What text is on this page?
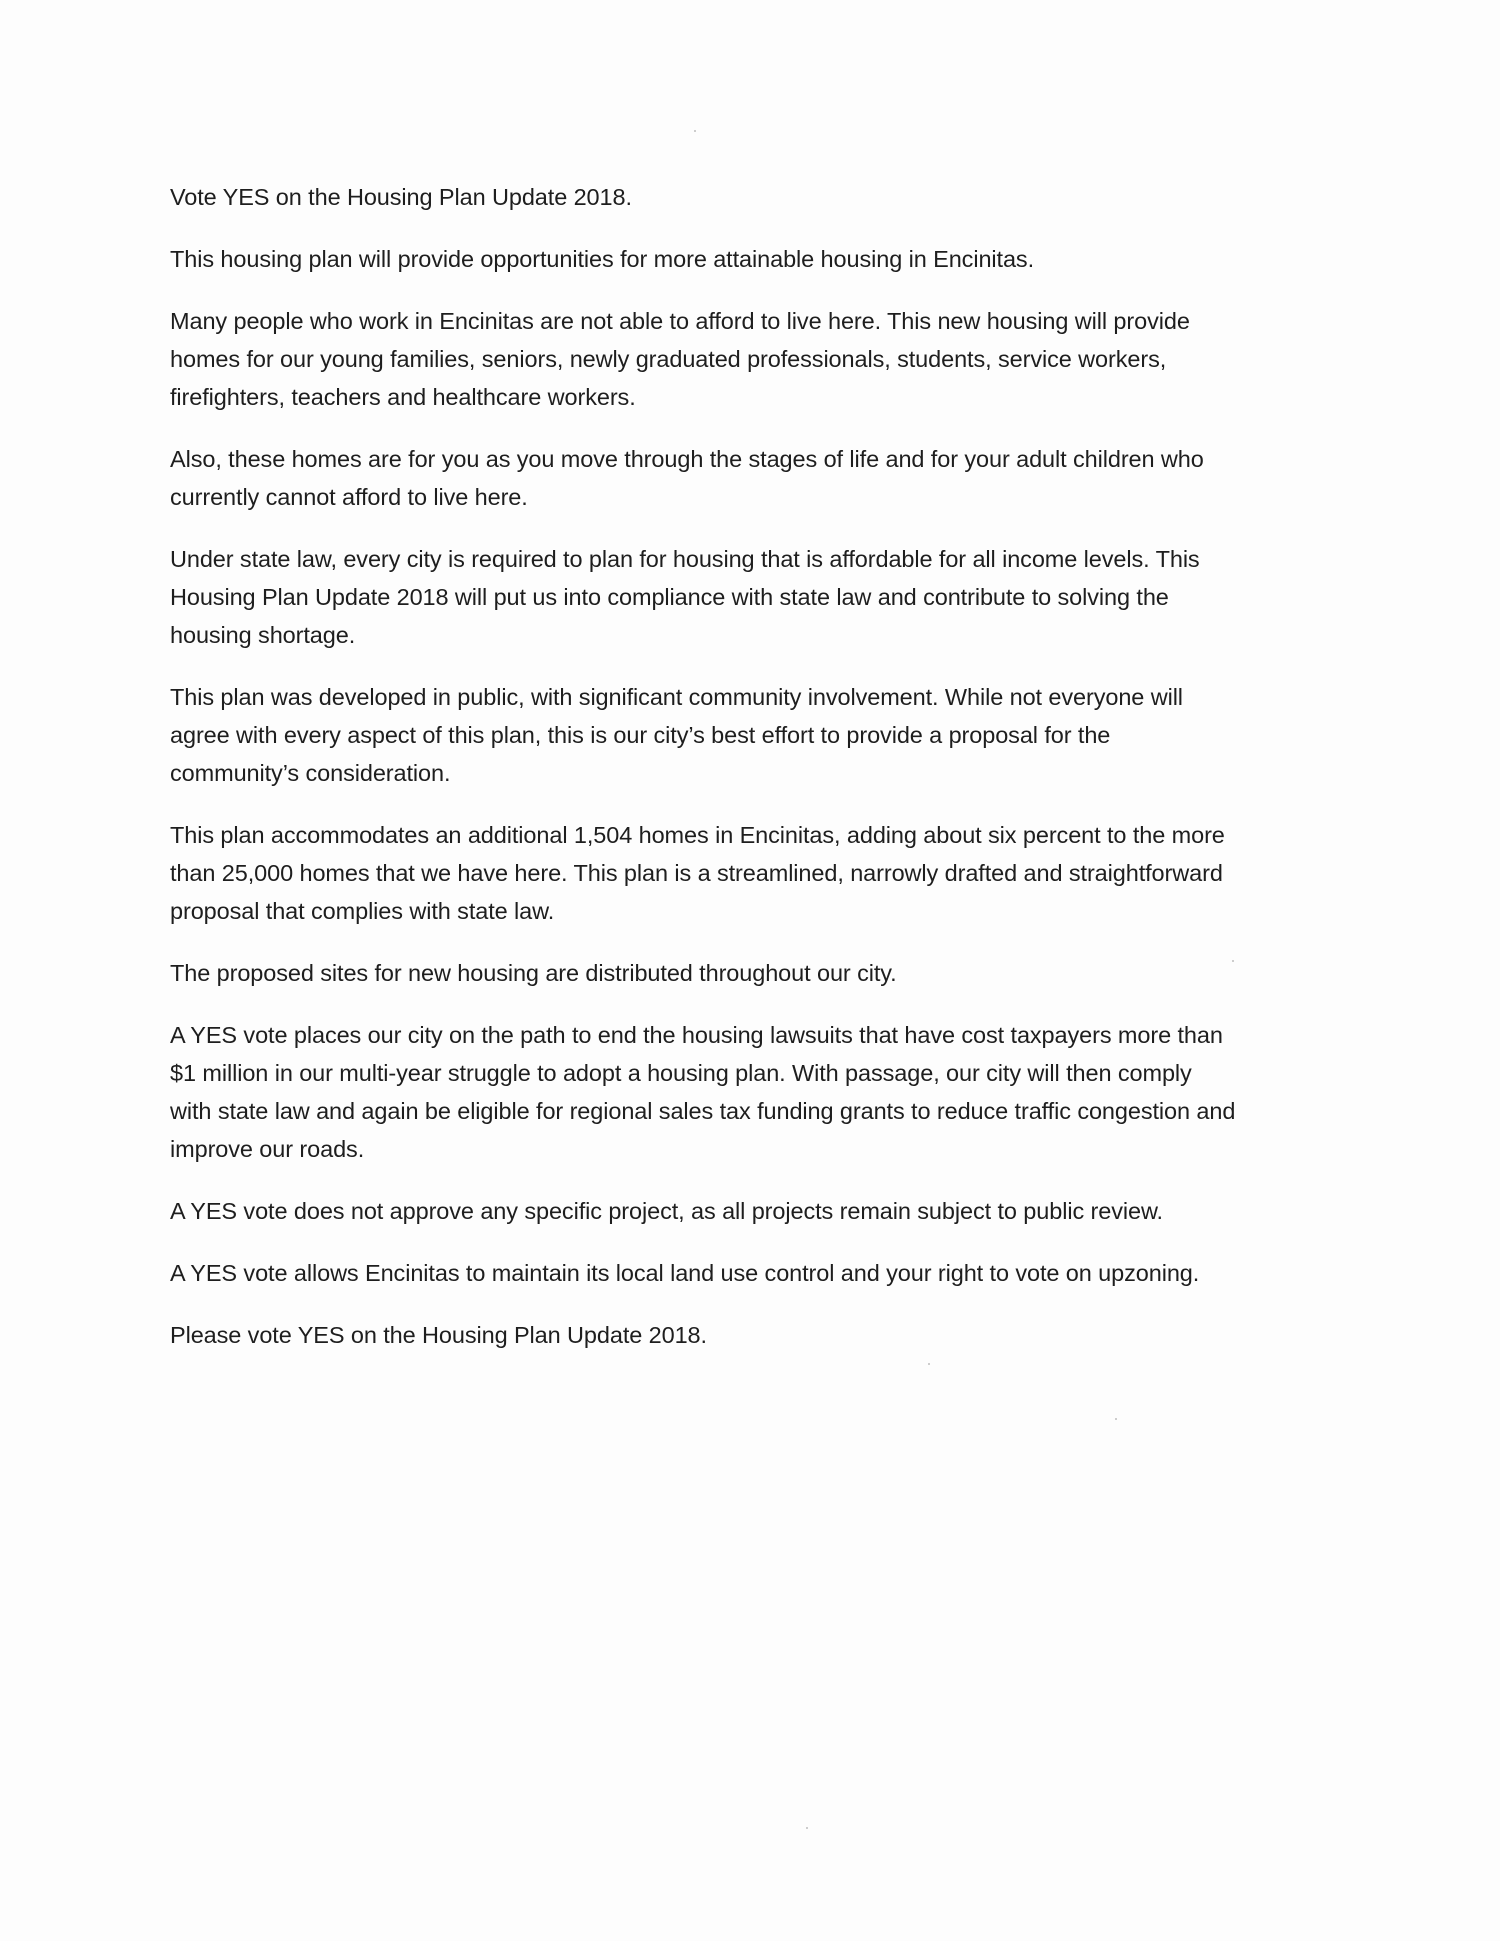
Vote YES on the Housing Plan Update 2018.

This housing plan will provide opportunities for more attainable housing in Encinitas.

Many people who work in Encinitas are not able to afford to live here. This new housing will provide
homes for our young families, seniors, newly graduated professionals, students, service workers,
firefighters, teachers and healthcare workers.

Also, these homes are for you as you move through the stages of life and for your adult children who
currently cannot afford to live here.

Under state law, every city is required to plan for housing that is affordable for all income levels. This
Housing Plan Update 2018 will put us into compliance with state law and contribute to solving the
housing shortage.

This plan was developed in public, with significant community involvement. While not everyone will
agree with every aspect of this plan, this is our city’s best effort to provide a proposal for the
community’s consideration.

This plan accommodates an additional 1,504 homes in Encinitas, adding about six percent to the more
than 25,000 homes that we have here. This plan is a streamlined, narrowly drafted and straightforward
proposal that complies with state law.

The proposed sites for new housing are distributed throughout our city.

A YES vote places our city on the path to end the housing lawsuits that have cost taxpayers more than
$1 million in our multi-year struggle to adopt a housing plan. With passage, our city will then comply
with state law and again be eligible for regional sales tax funding grants to reduce traffic congestion and
improve our roads.

A YES vote does not approve any specific project, as all projects remain subject to public review.

A YES vote allows Encinitas to maintain its local land use control and your right to vote on upzoning.

Please vote YES on the Housing Plan Update 2018.
